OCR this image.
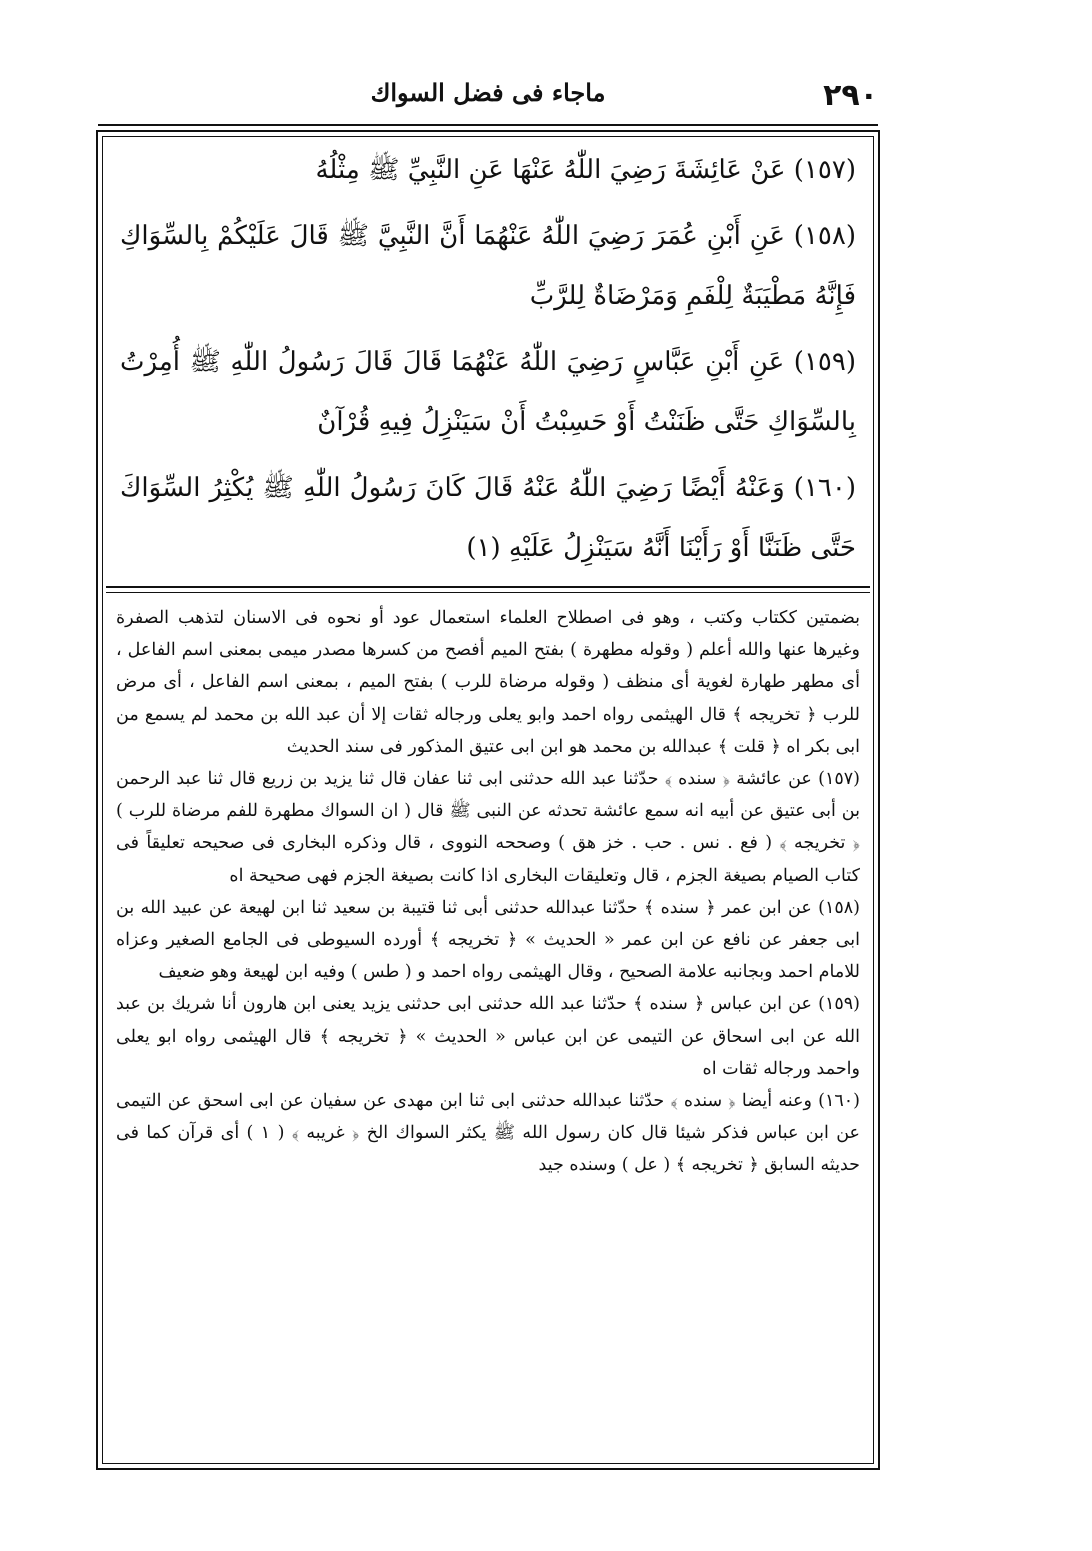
٢٩٠
ماجاء فى فضل السواك

(١٥٧) عَنْ عَائِشَةَ رَضِيَ اللّٰهُ عَنْهَا عَنِ النَّبِيِّ ﷺ مِثْلُهُ

(١٥٨) عَنِ أَبْنِ عُمَرَ رَضِيَ اللّٰهُ عَنْهُمَا أَنَّ النَّبِيَّ ﷺ قَالَ عَلَيْكُمْ بِالسِّوَاكِ فَإِنَّهُ مَطْيَبَةٌ لِلْفَمِ وَمَرْضَاةٌ لِلرَّبِّ

(١٥٩) عَنِ أَبْنِ عَبَّاسٍ رَضِيَ اللّٰهُ عَنْهُمَا قَالَ قَالَ رَسُولُ اللّٰهِ ﷺ أُمِرْتُ بِالسِّوَاكِ حَتَّى ظَنَنْتُ أَوْ حَسِبْتُ أَنْ سَيَنْزِلُ فِيهِ قُرْآنٌ

(١٦٠) وَعَنْهُ أَيْضًا رَضِيَ اللّٰهُ عَنْهُ قَالَ كَانَ رَسُولُ اللّٰهِ ﷺ يُكْثِرُ السِّوَاكَ حَتَّى ظَنَنَّا أَوْ رَأَيْنَا أَنَّهُ سَيَنْزِلُ عَلَيْهِ (١)

بضمتين ككتاب وكتب ، وهو فى اصطلاح العلماء استعمال عود أو نحوه فى الاسنان لتذهب الصفرة وغيرها عنها والله أعلم ( وقوله مطهرة ) بفتح الميم أفصح من كسرها مصدر ميمى بمعنى اسم الفاعل ، أى مطهر طهارة لغوية أى منظف ( وقوله مرضاة للرب ) بفتح الميم ، بمعنى اسم الفاعل ، أى مرض للرب ﴿ تخريجه ﴾ قال الهيثمى رواه احمد وابو يعلى ورجاله ثقات إلا أن عبد الله بن محمد لم يسمع من ابى بكر اه ﴿ قلت ﴾ عبدالله بن محمد هو ابن ابى عتيق المذكور فى سند الحديث

(١٥٧) عن عائشة ﴿ سنده ﴾ حدّثنا عبد الله حدثنى ابى ثنا عفان قال ثنا يزيد بن زريع قال ثنا عبد الرحمن بن أبى عتيق عن أبيه انه سمع عائشة تحدثه عن النبى ﷺ قال ( ان السواك مطهرة للفم مرضاة للرب ) ﴿ تخريجه ﴾ ( فع . نس . حب . خز هق ) وصححه النووى ، قال وذكره البخارى فى صحيحه تعليقاً فى كتاب الصيام بصيغة الجزم ، قال وتعليقات البخارى اذا كانت بصيغة الجزم فهى صحيحة اه

(١٥٨) عن ابن عمر ﴿ سنده ﴾ حدّثنا عبدالله حدثنى أبى ثنا قتيبة بن سعيد ثنا ابن لهيعة عن عبيد الله بن ابى جعفر عن نافع عن ابن عمر « الحديث » ﴿ تخريجه ﴾ أورده السيوطى فى الجامع الصغير وعزاه للامام احمد وبجانبه علامة الصحيح ، وقال الهيثمى رواه احمد و ( طس ) وفيه ابن لهيعة وهو ضعيف

(١٥٩) عن ابن عباس ﴿ سنده ﴾ حدّثنا عبد الله حدثنى ابى حدثنى يزيد يعنى ابن هارون أنا شريك بن عبد الله عن ابى اسحاق عن التيمى عن ابن عباس « الحديث » ﴿ تخريجه ﴾ قال الهيثمى رواه ابو يعلى واحمد ورجاله ثقات اه

(١٦٠) وعنه أيضا ﴿ سنده ﴾ حدّثنا عبدالله حدثنى ابى ثنا ابن مهدى عن سفيان عن ابى اسحق عن التيمى عن ابن عباس فذكر شيئا قال كان رسول الله ﷺ يكثر السواك الخ ﴿ غريبه ﴾ ( ١ ) أى قرآن كما فى حديثه السابق ﴿ تخريجه ﴾ ( عل ) وسنده جيد
